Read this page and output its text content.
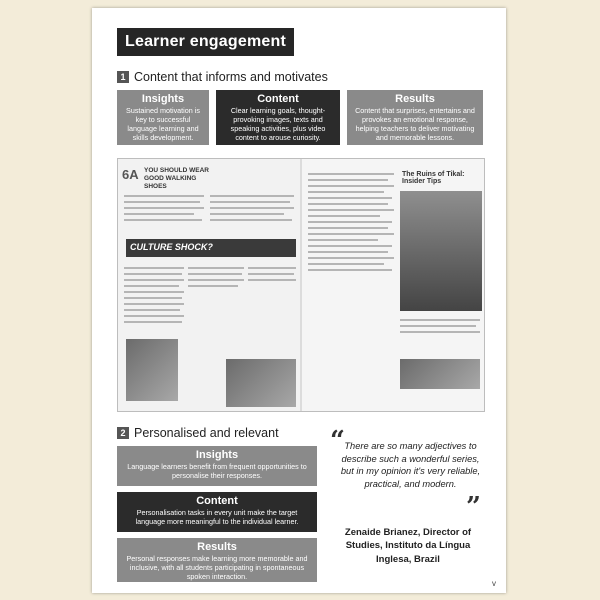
Learner engagement
1 Content that informs and motivates
Insights
Sustained motivation is key to successful language learning and skills development.
Content
Clear learning goals, thought-provoking images, texts and speaking activities, plus video content to arouse curiosity.
Results
Content that surprises, entertains and provokes an emotional response, helping teachers to deliver motivating and memorable lessons.
6A YOU SHOULD WEAR GOOD WALKING SHOES
CULTURE SHOCK?
The Ruins of Tikal: Insider Tips
2 Personalised and relevant
Insights
Language learners benefit from frequent opportunities to personalise their responses.
Content
Personalisation tasks in every unit make the target language more meaningful to the individual learner.
Results
Personal responses make learning more memorable and inclusive, with all students participating in spontaneous spoken interaction.
“ There are so many adjectives to describe such a wonderful series, but in my opinion it's very reliable, practical, and modern.
”
Zenaide Brianez, Director of Studies, Instituto da Língua Inglesa, Brazil
v
